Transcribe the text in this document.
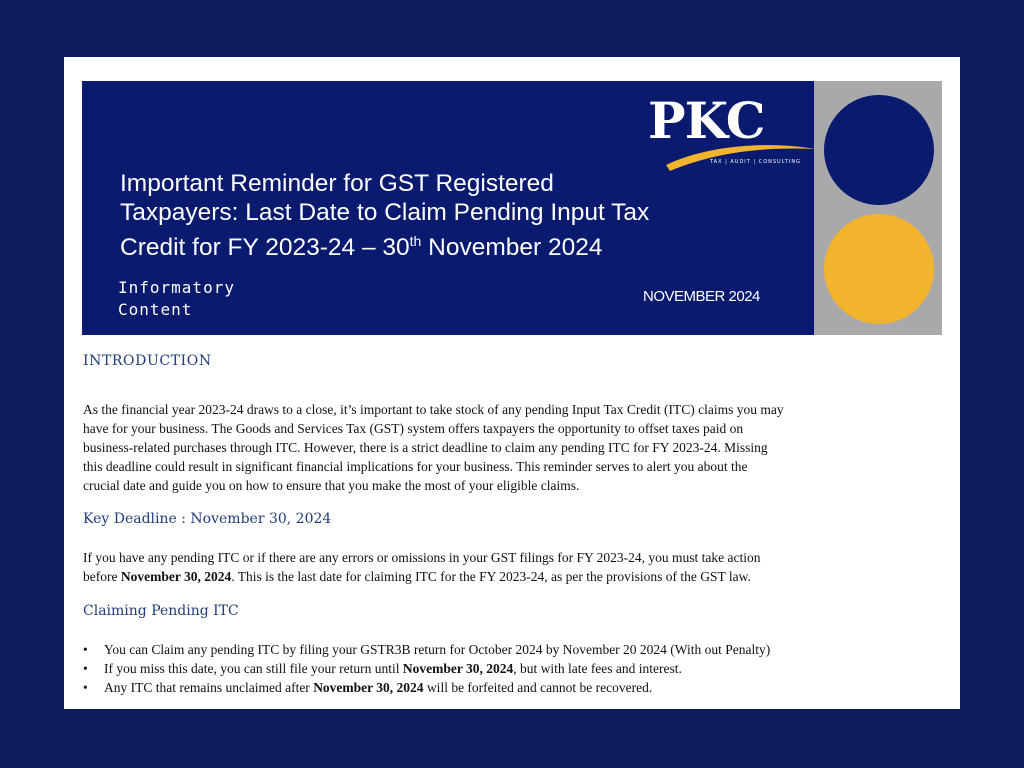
PKC
TAX | AUDIT | CONSULTING
Important Reminder for GST Registered
Taxpayers: Last Date to Claim Pending Input Tax
Credit for FY 2023-24 – 30th November 2024
Informatory
Content
NOVEMBER 2024
INTRODUCTION

As the financial year 2023-24 draws to a close, it’s important to take stock of any pending Input Tax Credit (ITC) claims you may
have for your business. The Goods and Services Tax (GST) system offers taxpayers the opportunity to offset taxes paid on
business-related purchases through ITC. However, there is a strict deadline to claim any pending ITC for FY 2023-24. Missing
this deadline could result in significant financial implications for your business. This reminder serves to alert you about the
crucial date and guide you on how to ensure that you make the most of your eligible claims.

Key Deadline : November 30, 2024

If you have any pending ITC or if there are any errors or omissions in your GST filings for FY 2023-24, you must take action
before November 30, 2024. This is the last date for claiming ITC for the FY 2023-24, as per the provisions of the GST law.

Claiming Pending ITC
• You can Claim any pending ITC by filing your GSTR3B return for October 2024 by November 20 2024 (With out Penalty)
• If you miss this date, you can still file your return until November 30, 2024, but with late fees and interest.
• Any ITC that remains unclaimed after November 30, 2024 will be forfeited and cannot be recovered.
